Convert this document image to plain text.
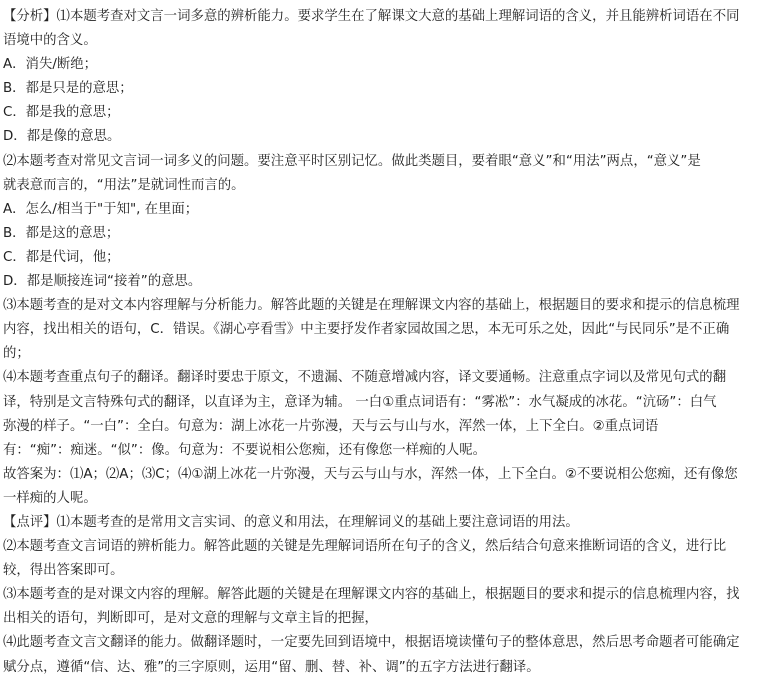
【分析】⑴本题考查对文言一词多意的辨析能力。要求学生在了解课文大意的基础上理解词语的含义，并且能辨析词语在不同
语境中的含义。
A．消失/断绝；
B．都是只是的意思；
C．都是我的意思；
D．都是像的意思。
⑵本题考查对常见文言词一词多义的问题。要注意平时区别记忆。做此类题目，要着眼“意义”和“用法”两点，“意义”是
就表意而言的，“用法”是就词性而言的。
A．怎么/相当于"于知", 在里面；
B．都是这的意思；
C．都是代词，他；
D．都是顺接连词“接着”的意思。
⑶本题考查的是对文本内容理解与分析能力。解答此题的关键是在理解课文内容的基础上，根据题目的要求和提示的信息梳理
内容，找出相关的语句，C．错误。《湖心亭看雪》中主要抒发作者家园故国之思，本无可乐之处，因此“与民同乐”是不正确
的；
⑷本题考查重点句子的翻译。翻译时要忠于原文，不遗漏、不随意增减内容，译文要通畅。注意重点字词以及常见句式的翻
译，特别是文言特殊句式的翻译，以直译为主，意译为辅。 一白①重点词语有：“雾凇”：水气凝成的冰花。“沆砀”：白气
弥漫的样子。“一白”：全白。句意为：湖上冰花一片弥漫，天与云与山与水，浑然一体，上下全白。②重点词语
有：“痴”：痴迷。“似”：像。句意为：不要说相公您痴，还有像您一样痴的人呢。
故答案为：⑴A；⑵A；⑶C；⑷①湖上冰花一片弥漫，天与云与山与水，浑然一体，上下全白。②不要说相公您痴，还有像您
一样痴的人呢。
【点评】⑴本题考查的是常用文言实词、的意义和用法，在理解词义的基础上要注意词语的用法。
⑵本题考查文言词语的辨析能力。解答此题的关键是先理解词语所在句子的含义，然后结合句意来推断词语的含义，进行比
较，得出答案即可。
⑶本题考查的是对课文内容的理解。解答此题的关键是在理解课文内容的基础上，根据题目的要求和提示的信息梳理内容，找
出相关的语句，判断即可，是对文意的理解与文章主旨的把握，
⑷此题考查文言文翻译的能力。做翻译题时，一定要先回到语境中，根据语境读懂句子的整体意思，然后思考命题者可能确定
赋分点，遵循“信、达、雅”的三字原则，运用“留、删、替、补、调”的五字方法进行翻译。
